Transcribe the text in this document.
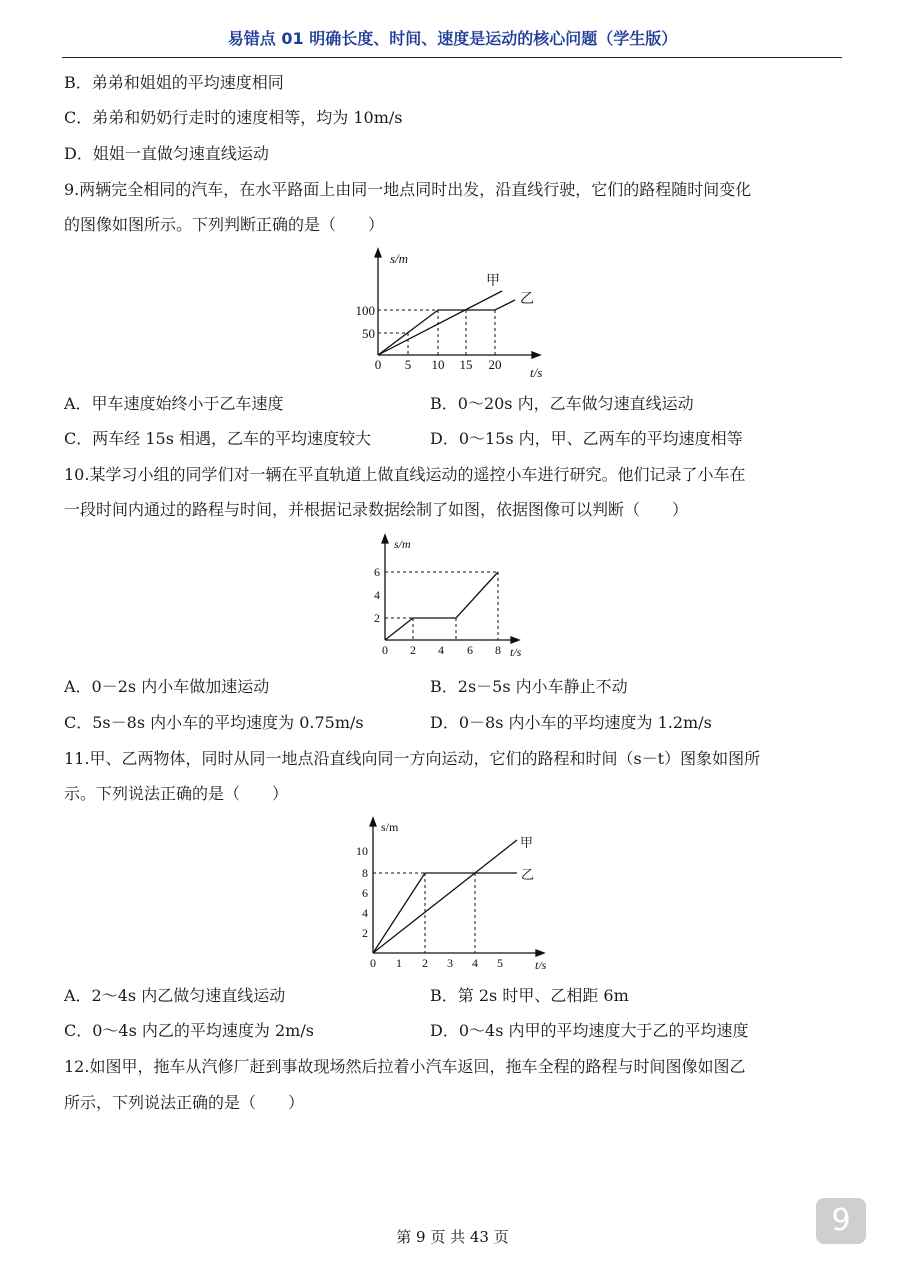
易错点 01 明确长度、时间、速度是运动的核心问题（学生版）
B．弟弟和姐姐的平均速度相同
C．弟弟和奶奶行走时的速度相等，均为 10m/s
D．姐姐一直做匀速直线运动
9.两辆完全相同的汽车，在水平路面上由同一地点同时出发，沿直线行驶，它们的路程随时间变化
的图像如图所示。下列判断正确的是（　　）
s/m
t/s
100
50
0 5 10 15 20
甲
乙
A．甲车速度始终小于乙车速度	B．0～20s 内，乙车做匀速直线运动
C．两车经 15s 相遇，乙车的平均速度较大	D．0～15s 内，甲、乙两车的平均速度相等
10.某学习小组的同学们对一辆在平直轨道上做直线运动的遥控小车进行研究。他们记录了小车在
一段时间内通过的路程与时间，并根据记录数据绘制了如图，依据图像可以判断（　　）
s/m
t/s
6
4
2
0 2 4 6 8
A．0－2s 内小车做加速运动	B．2s－5s 内小车静止不动
C．5s－8s 内小车的平均速度为 0.75m/s	D．0－8s 内小车的平均速度为 1.2m/s
11.甲、乙两物体，同时从同一地点沿直线向同一方向运动，它们的路程和时间（s－t）图象如图所
示。下列说法正确的是（　　）
s/m
t/s
10
8
6
4
2
0 1 2 3 4 5
甲
乙
A．2～4s 内乙做匀速直线运动	B．第 2s 时甲、乙相距 6m
C．0～4s 内乙的平均速度为 2m/s	D．0～4s 内甲的平均速度大于乙的平均速度
12.如图甲，拖车从汽修厂赶到事故现场然后拉着小汽车返回，拖车全程的路程与时间图像如图乙
所示，下列说法正确的是（　　）
第 9 页 共 43 页	9
